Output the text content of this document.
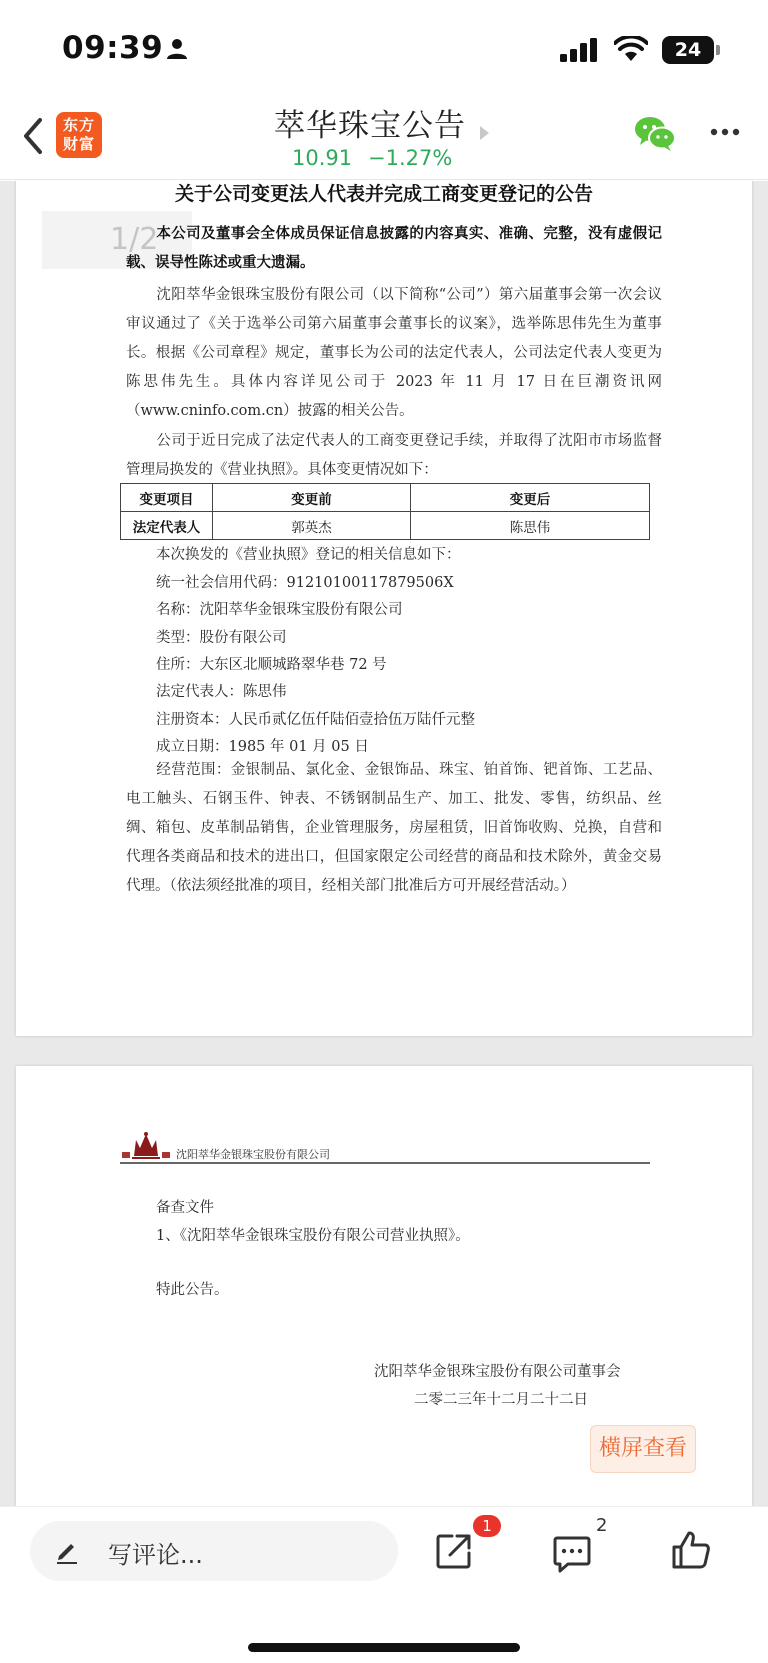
09:39	24
东方
财富	萃华珠宝公告
10.91 −1.27%
关于公司变更法人代表并完成工商变更登记的公告
1/2
本公司及董事会全体成员保证信息披露的内容真实、准确、完整，没有虚假记载、误导性陈述或重大遗漏。
沈阳萃华金银珠宝股份有限公司（以下简称“公司”）第六届董事会第一次会议审议通过了《关于选举公司第六届董事会董事长的议案》，选举陈思伟先生为董事长。根据《公司章程》规定，董事长为公司的法定代表人，公司法定代表人变更为陈思伟先生。具体内容详见公司于 2023 年 11 月 17 日在巨潮资讯网（www.cninfo.com.cn）披露的相关公告。
公司于近日完成了法定代表人的工商变更登记手续，并取得了沈阳市市场监督管理局换发的《营业执照》。具体变更情况如下：
变更项目	变更前	变更后
法定代表人	郭英杰	陈思伟
本次换发的《营业执照》登记的相关信息如下：
统一社会信用代码：91210100117879506X
名称：沈阳萃华金银珠宝股份有限公司
类型：股份有限公司
住所：大东区北顺城路翠华巷 72 号
法定代表人：陈思伟
注册资本：人民币贰亿伍仟陆佰壹拾伍万陆仟元整
成立日期：1985 年 01 月 05 日
经营范围：金银制品、氯化金、金银饰品、珠宝、铂首饰、钯首饰、工艺品、电工触头、石钢玉件、钟表、不锈钢制品生产、加工、批发、零售，纺织品、丝绸、箱包、皮革制品销售，企业管理服务，房屋租赁，旧首饰收购、兑换，自营和代理各类商品和技术的进出口，但国家限定公司经营的商品和技术除外，黄金交易代理。（依法须经批准的项目，经相关部门批准后方可开展经营活动。）
沈阳萃华金银珠宝股份有限公司
备查文件
1、《沈阳萃华金银珠宝股份有限公司营业执照》。
特此公告。
沈阳萃华金银珠宝股份有限公司董事会
二零二三年十二月二十二日
横屏查看
写评论...
1	2
